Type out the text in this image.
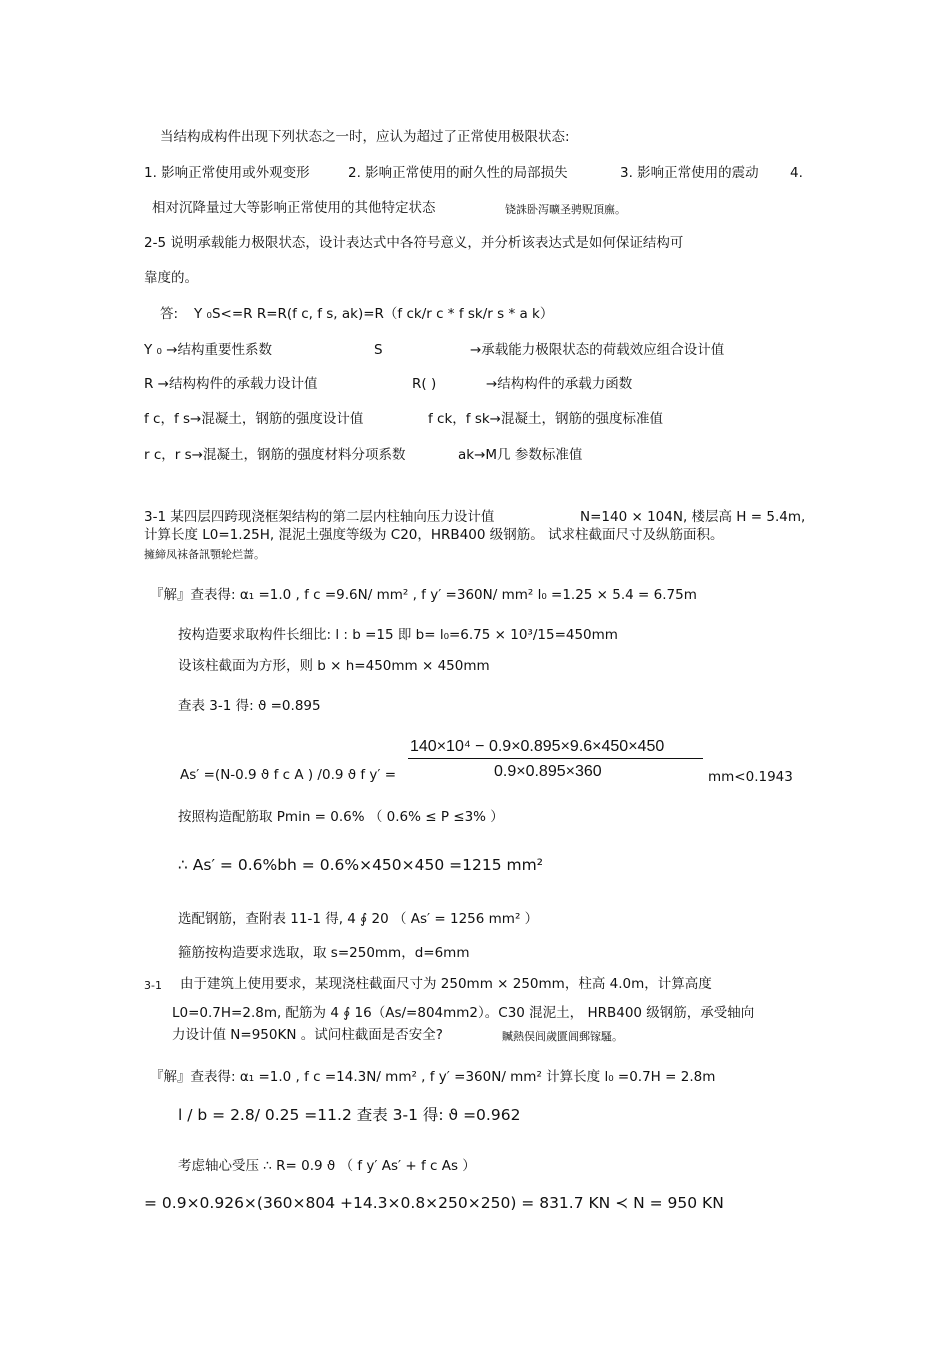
当结构成构件出现下列状态之一时，应认为超过了正常使用极限状态:
1. 影响正常使用或外观变形	2. 影响正常使用的耐久性的局部损失	3. 影响正常使用的震动 4.
相对沉降量过大等影响正常使用的其他特定状态	铙誅卧泻曠圣骋贶頂廡。
2-5 说明承载能力极限状态，设计表达式中各符号意义，并分析该表达式是如何保证结构可
靠度的。
答: Y ₀S<=R R=R(f c, f s, ak)=R（f ck/r c * f sk/r s * a k）
Y ₀ →结构重要性系数	S	→承载能力极限状态的荷载效应组合设计值
R →结构构件的承载力设计值	R( )	→结构构件的承载力函数
f c，f s→混凝土，钢筋的强度设计值	f ck，f sk→混凝土，钢筋的强度标准值
r c，r s→混凝土，钢筋的强度材料分项系数	ak→M几 参数标准值
3-1 某四层四跨现浇框架结构的第二层内柱轴向压力设计值	N=140 × 104N, 楼层高 H = 5.4m,
计算长度 L0=1.25H, 混泥土强度等级为 C20，HRB400 级钢筋。 试求柱截面尺寸及纵筋面积。
擁締凤袜备訊顎轮烂蔷。
『解』查表得: α₁ =1.0 , f c =9.6N/ mm² , f y′ =360N/ mm² l₀ =1.25 × 5.4 = 6.75m
按构造要求取构件长细比: l : b =15 即 b= l₀=6.75 × 10³/15=450mm
设该柱截面为方形，则 b × h=450mm × 450mm
查表 3-1 得: ϑ =0.895
140×10⁴ − 0.9×0.895×9.6×450×450
0.9×0.895×360
As′ =(N-0.9 ϑ f c A ) /0.9 ϑ f y′ =	mm<0.1943
按照构造配筋取 Pmin = 0.6% （ 0.6% ≤ P ≤3% ）
∴ As′ = 0.6%bh = 0.6%×450×450 =1215 mm²
选配钢筋，查附表 11-1 得, 4 ∮ 20 （ As′ = 1256 mm² ）
箍筋按构造要求选取，取 s=250mm，d=6mm
3-1 由于建筑上使用要求，某现浇柱截面尺寸为 250mm × 250mm，柱高 4.0m，计算高度
L0=0.7H=2.8m, 配筋为 4 ∮ 16（As/=804mm2）。C30 混泥土， HRB400 级钢筋，承受轴向
力设计值 N=950KN 。试问柱截面是否安全?	贓熱俣闾歲匱阊郵镓騷。
『解』查表得: α₁ =1.0 , f c =14.3N/ mm² , f y′ =360N/ mm² 计算长度 l₀ =0.7H = 2.8m
l / b = 2.8/ 0.25 =11.2 查表 3-1 得: ϑ =0.962
考虑轴心受压 ∴ R= 0.9 ϑ （ f y′ As′ + f c As ）
= 0.9×0.926×(360×804 +14.3×0.8×250×250) = 831.7 KN ≺ N = 950 KN
